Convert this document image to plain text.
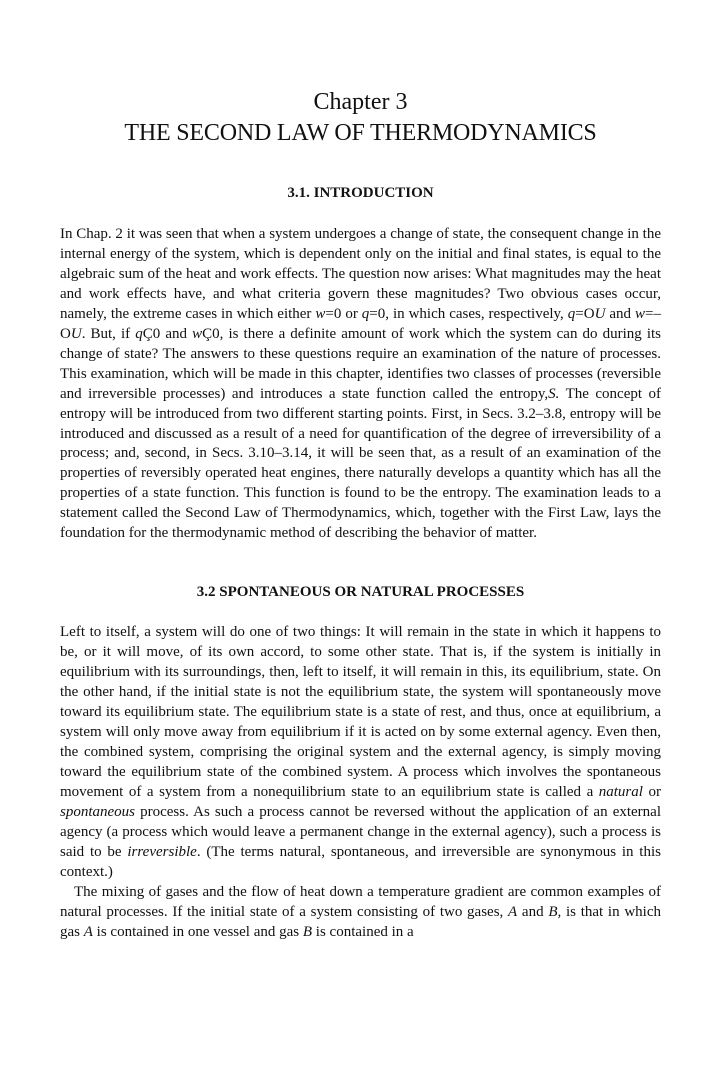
Chapter 3
THE SECOND LAW OF THERMODYNAMICS
3.1. INTRODUCTION

In Chap. 2 it was seen that when a system undergoes a change of state, the consequent change in the internal energy of the system, which is dependent only on the initial and final states, is equal to the algebraic sum of the heat and work effects. The question now arises: What magnitudes may the heat and work effects have, and what criteria govern these magnitudes? Two obvious cases occur, namely, the extreme cases in which either w=0 or q=0, in which cases, respectively, q=OU and w=–OU. But, if qÇ0 and wÇ0, is there a definite amount of work which the system can do during its change of state? The answers to these questions require an examination of the nature of processes. This examination, which will be made in this chapter, identifies two classes of processes (reversible and irreversible processes) and introduces a state function called the entropy,S. The concept of entropy will be introduced from two different starting points. First, in Secs. 3.2–3.8, entropy will be introduced and discussed as a result of a need for quantification of the degree of irreversibility of a process; and, second, in Secs. 3.10–3.14, it will be seen that, as a result of an examination of the properties of reversibly operated heat engines, there naturally develops a quantity which has all the properties of a state function. This function is found to be the entropy. The examination leads to a statement called the Second Law of Thermodynamics, which, together with the First Law, lays the foundation for the thermodynamic method of describing the behavior of matter.

3.2 SPONTANEOUS OR NATURAL PROCESSES

Left to itself, a system will do one of two things: It will remain in the state in which it happens to be, or it will move, of its own accord, to some other state. That is, if the system is initially in equilibrium with its surroundings, then, left to itself, it will remain in this, its equilibrium, state. On the other hand, if the initial state is not the equilibrium state, the system will spontaneously move toward its equilibrium state. The equilibrium state is a state of rest, and thus, once at equilibrium, a system will only move away from equilibrium if it is acted on by some external agency. Even then, the combined system, comprising the original system and the external agency, is simply moving toward the equilibrium state of the combined system. A process which involves the spontaneous movement of a system from a nonequilibrium state to an equilibrium state is called a natural or spontaneous process. As such a process cannot be reversed without the application of an external agency (a process which would leave a permanent change in the external agency), such a process is said to be irreversible. (The terms natural, spontaneous, and irreversible are synonymous in this context.)

The mixing of gases and the flow of heat down a temperature gradient are common examples of natural processes. If the initial state of a system consisting of two gases, A and B, is that in which gas A is contained in one vessel and gas B is contained in a
